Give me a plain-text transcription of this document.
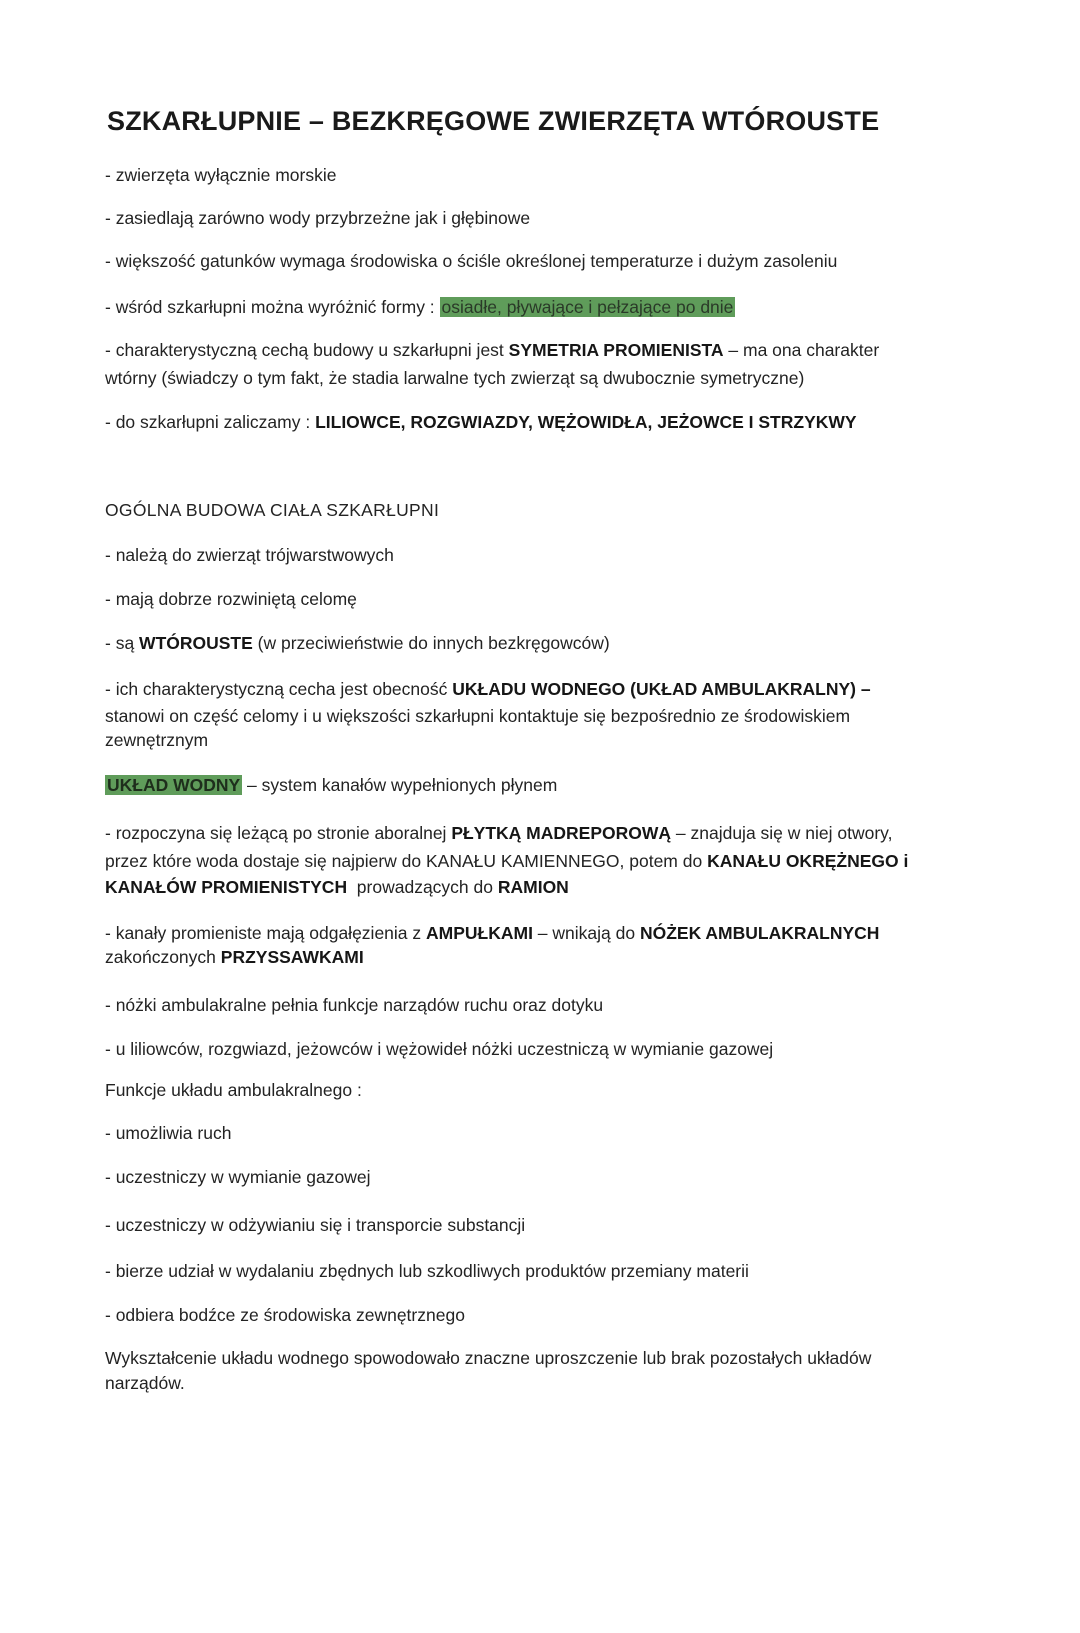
SZKARŁUPNIE – BEZKRĘGOWE ZWIERZĘTA WTÓROUSTE
- zwierzęta wyłącznie morskie
- zasiedlają zarówno wody przybrzeżne jak i głębinowe
- większość gatunków wymaga środowiska o ściśle określonej temperaturze i dużym zasoleniu
- wśród szkarłupni można wyróżnić formy : osiadłe, pływające i pełzające po dnie
- charakterystyczną cechą budowy u szkarłupni jest SYMETRIA PROMIENISTA – ma ona charakter
wtórny (świadczy o tym fakt, że stadia larwalne tych zwierząt są dwubocznie symetryczne)
- do szkarłupni zaliczamy : LILIOWCE, ROZGWIAZDY, WĘŻOWIDŁA, JEŻOWCE I STRZYKWY
OGÓLNA BUDOWA CIAŁA SZKARŁUPNI
- należą do zwierząt trójwarstwowych
- mają dobrze rozwiniętą celomę
- są WTÓROUSTE (w przeciwieństwie do innych bezkręgowców)
- ich charakterystyczną cecha jest obecność UKŁADU WODNEGO (UKŁAD AMBULAKRALNY) –
stanowi on część celomy i u większości szkarłupni kontaktuje się bezpośrednio ze środowiskiem
zewnętrznym
UKŁAD WODNY – system kanałów wypełnionych płynem
- rozpoczyna się leżącą po stronie aboralnej PŁYTKĄ MADREPOROWĄ – znajduja się w niej otwory,
przez które woda dostaje się najpierw do KANAŁU KAMIENNEGO, potem do KANAŁU OKRĘŻNEGO i
KANAŁÓW PROMIENISTYCH  prowadzących do RAMION
- kanały promieniste mają odgałęzienia z AMPUŁKAMI – wnikają do NÓŻEK AMBULAKRALNYCH
zakończonych PRZYSSAWKAMI
- nóżki ambulakralne pełnia funkcje narządów ruchu oraz dotyku
- u liliowców, rozgwiazd, jeżowców i wężowideł nóżki uczestniczą w wymianie gazowej
Funkcje układu ambulakralnego :
- umożliwia ruch
- uczestniczy w wymianie gazowej
- uczestniczy w odżywianiu się i transporcie substancji
- bierze udział w wydalaniu zbędnych lub szkodliwych produktów przemiany materii
- odbiera bodźce ze środowiska zewnętrznego
Wykształcenie układu wodnego spowodowało znaczne uproszczenie lub brak pozostałych układów
narządów.
